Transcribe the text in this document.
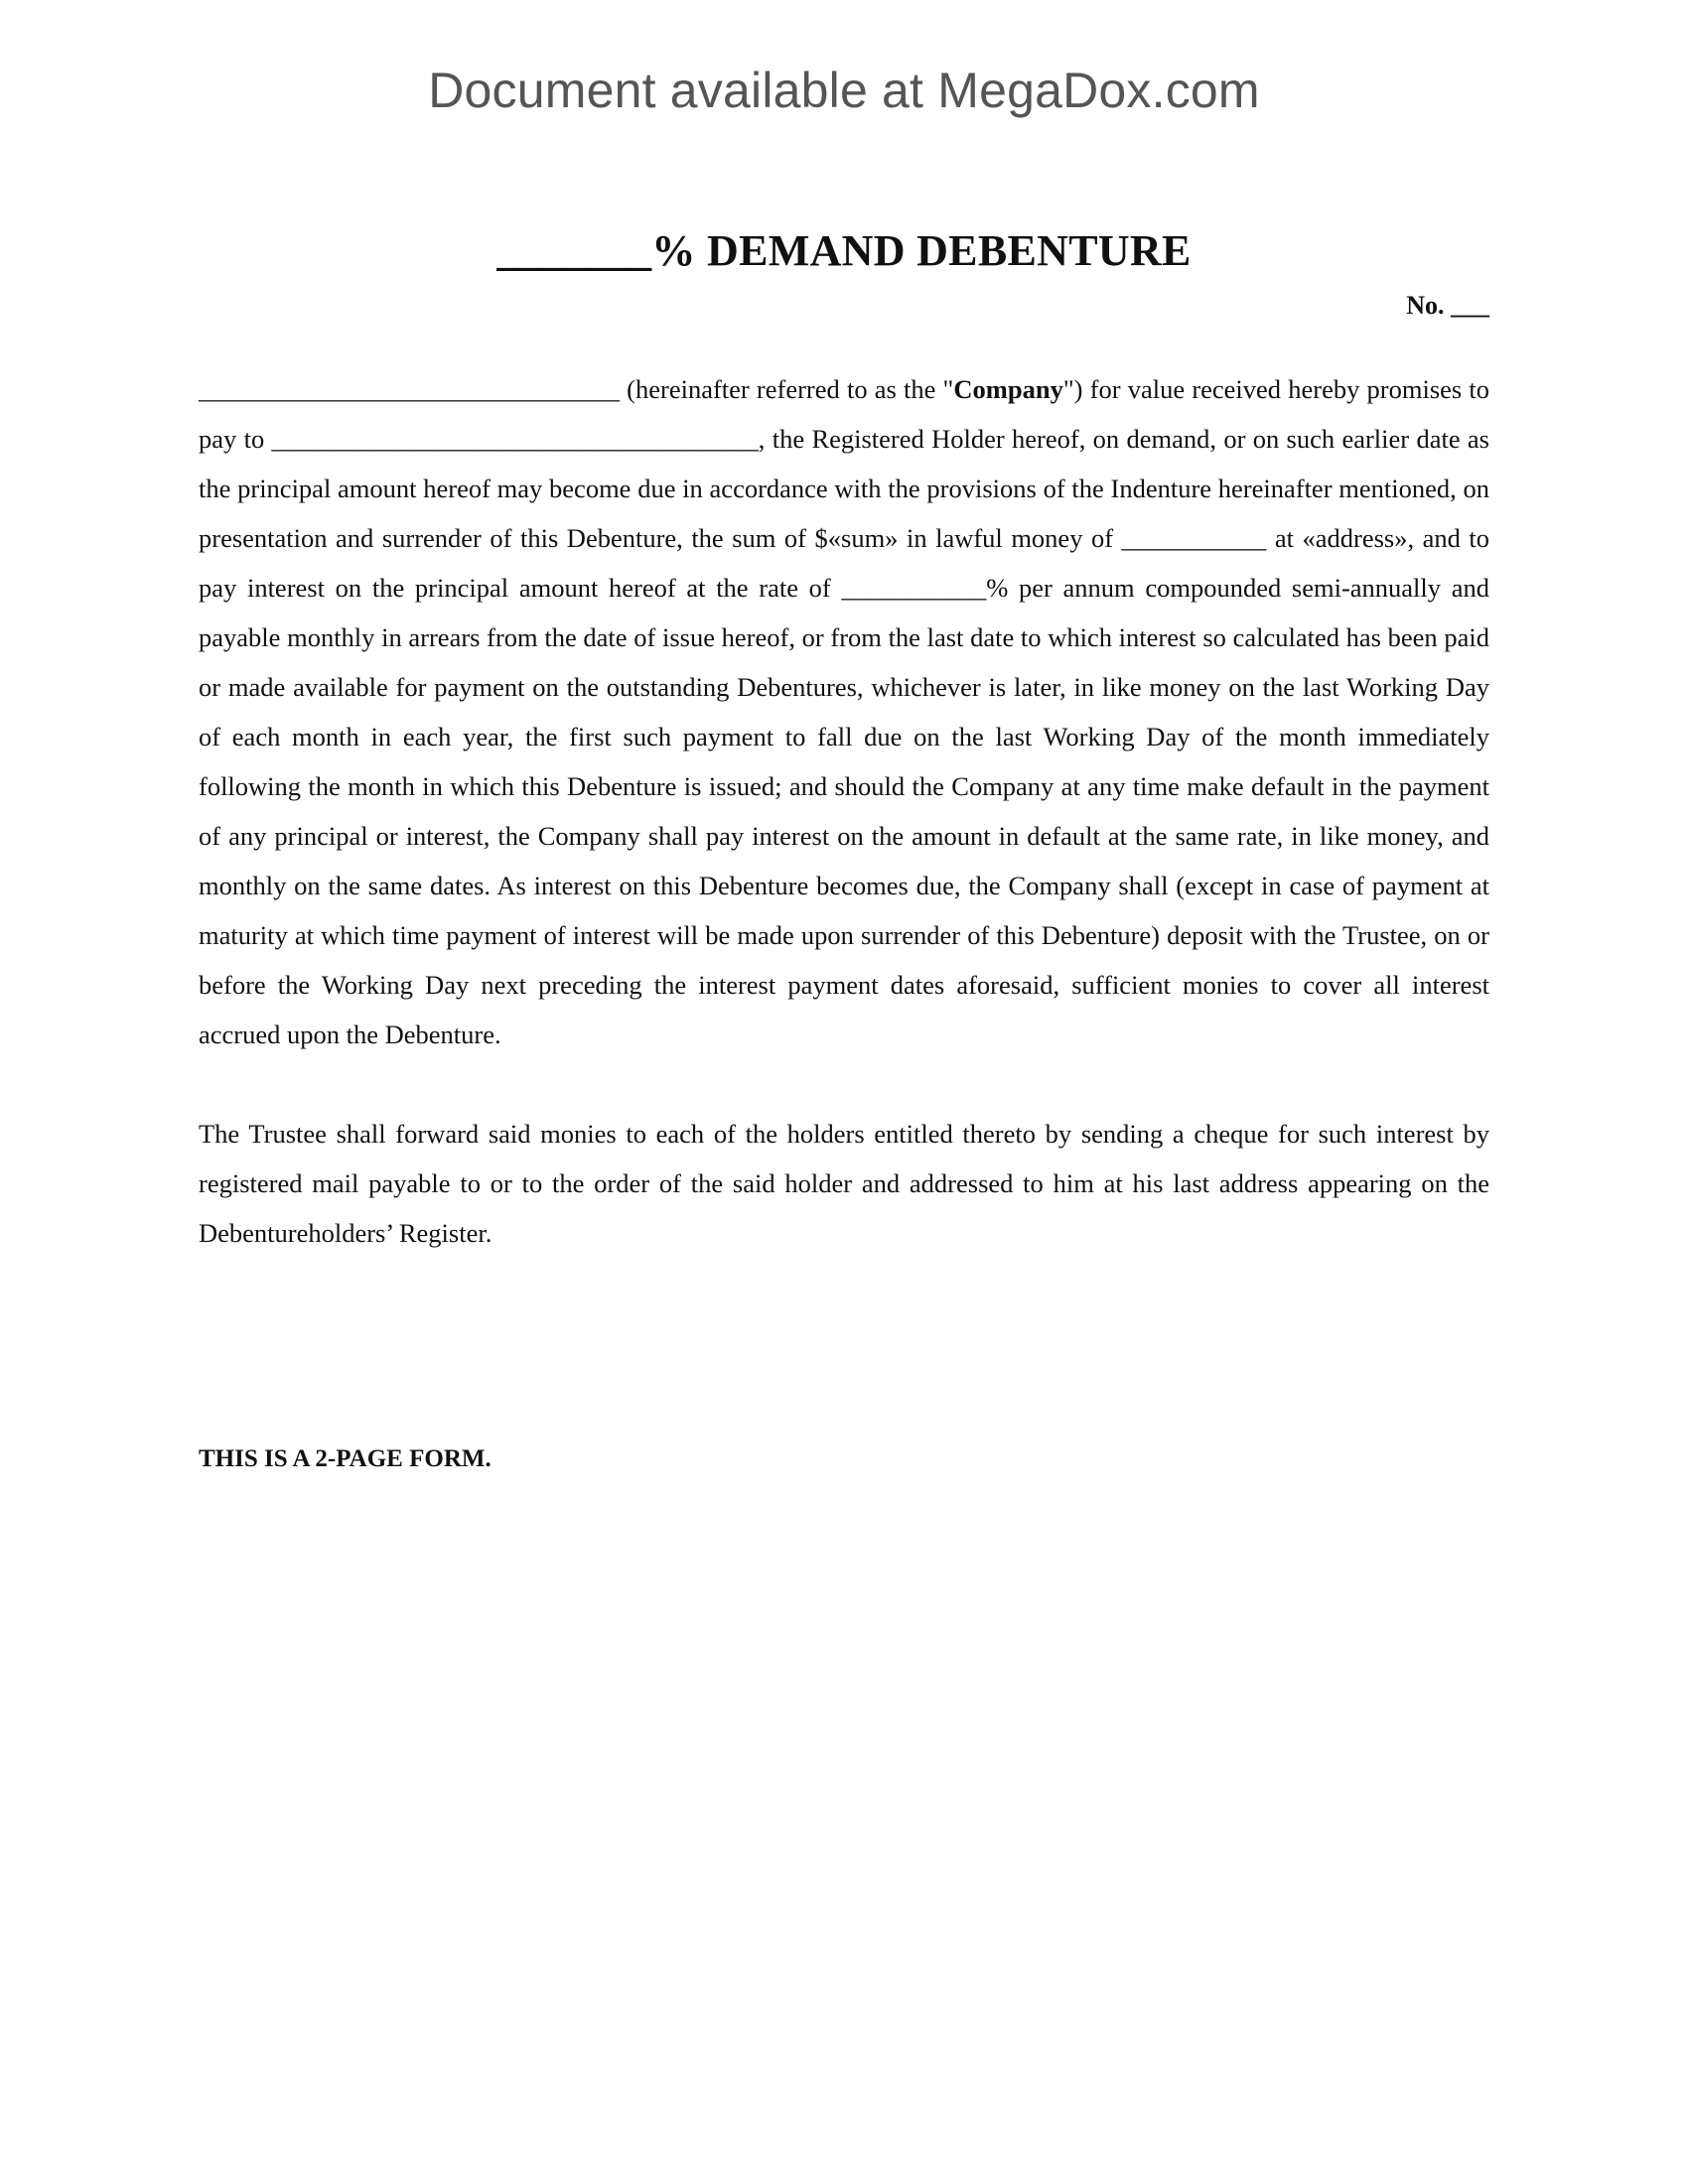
Document available at MegaDox.com
_______% DEMAND DEBENTURE
No. ___

________________________________ (hereinafter referred to as the "Company") for value received hereby promises to pay to _____________________________________, the Registered Holder hereof, on demand, or on such earlier date as the principal amount hereof may become due in accordance with the provisions of the Indenture hereinafter mentioned, on presentation and surrender of this Debenture, the sum of $«sum» in lawful money of ___________ at «address», and to pay interest on the principal amount hereof at the rate of ___________% per annum compounded semi-annually and payable monthly in arrears from the date of issue hereof, or from the last date to which interest so calculated has been paid or made available for payment on the outstanding Debentures, whichever is later, in like money on the last Working Day of each month in each year, the first such payment to fall due on the last Working Day of the month immediately following the month in which this Debenture is issued; and should the Company at any time make default in the payment of any principal or interest, the Company shall pay interest on the amount in default at the same rate, in like money, and monthly on the same dates. As interest on this Debenture becomes due, the Company shall (except in case of payment at maturity at which time payment of interest will be made upon surrender of this Debenture) deposit with the Trustee, on or before the Working Day next preceding the interest payment dates aforesaid, sufficient monies to cover all interest accrued upon the Debenture.

The Trustee shall forward said monies to each of the holders entitled thereto by sending a cheque for such interest by registered mail payable to or to the order of the said holder and addressed to him at his last address appearing on the Debentureholders’ Register.

THIS IS A 2-PAGE FORM.
